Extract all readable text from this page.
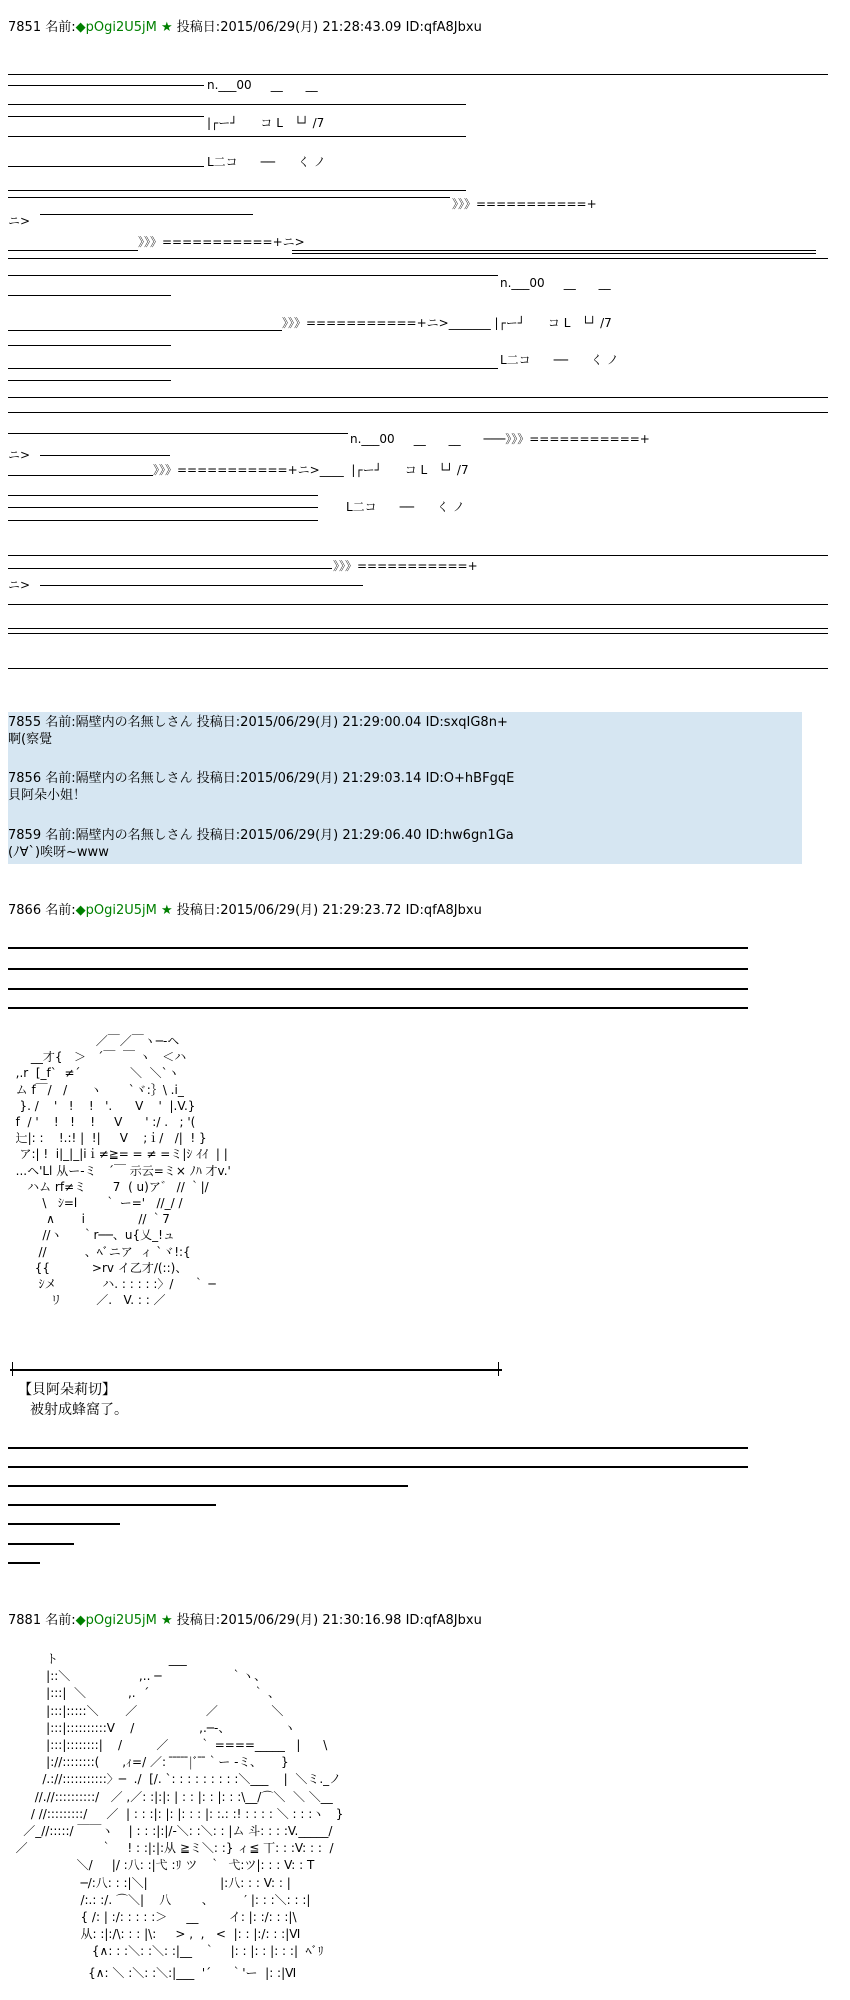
7851 名前:◆pOgi2U5jM ★ 投稿日:2015/06/29(月) 21:28:43.09 ID:qfA8Jbxu
n.___00     __      __
|┌ー┘      コ L   └┘ /7
L二コ      ──      く ノ
》》》===========+
ニ>
》》》===========+ニ>
n.___00     __      __
》》》===========+ニ>_______ |┌ー┘      コ L   └┘ /7
L二コ      ──      く ノ
n.___00     __      __      ───》》》===========+
ニ>
》》》===========+ニ>____  |┌ー┘      コ L   └┘ /7
L二コ      ──      く ノ
》》》===========+
ニ>
7855 名前:隔壁内の名無しさん 投稿日:2015/06/29(月) 21:29:00.04 ID:sxqIG8n+
啊(察覺
7856 名前:隔壁内の名無しさん 投稿日:2015/06/29(月) 21:29:03.14 ID:O+hBFgqE
貝阿朵小姐！
7859 名前:隔壁内の名無しさん 投稿日:2015/06/29(月) 21:29:06.40 ID:hw6gn1Ga
(ﾉ∀`)唉呀~www
7866 名前:◆pOgi2U5jM ★ 投稿日:2015/06/29(月) 21:29:23.72 ID:qfA8Jbxu
／￣／￣ヽ─‐ヘ
__才{   ＞   ´￣  ￣ ヽ   ＜ハ
,.r  [_f`  ≠´             ＼  ＼`ヽ
ム f￣/   /      ヽ       `ヾ:｝\ .i_
}. /    '   !    !   '.      V    '  |.V.}
f  / '    !   !    !     V      ' :/ .   ; '(
辷|: :    !.:! |  !|     V    ;ｉ/   /|  ! }
ア:| !  i|_|_|iｉ≠≧= = ≠ =ミ|ｼ ｲｲ  | |
...ヘ'Ll 从ー-ミ   ´￣ 示云=ミ× ﾉﾊ 才v.'
ハム rf≠ミ       7  ( u)ア゛ // ｀|/
\   ｼ=l       ｀ ー='   //_/ /
∧       i              // ｀7
//ヽ     ｀r──、u{乂_!ュ
//          、ﾍﾞニア  ィ `ヾ!:{
{{           >rv イ乙才/(::)、
ｼメ            ハ. : : : : :〉/     ｀ ─
リ         ／.   V. : : ／
【貝阿朵莉切】
被射成蜂窩了。
7881 名前:◆pOgi2U5jM ★ 投稿日:2015/06/29(月) 21:30:16.98 ID:qfA8Jbxu
ト                             ___
|::＼                  ,.. ─                  ｀ヽ、
|:::|  ＼           ,.  ´                           ｀ 、
|:::|:::::＼       ／                  ／              ＼
|:::|::::::::::V    /                 ,.─-、              ヽ
|:::|::::::::|    /         ／        ｀ ====_____   |      \
|://::::::::(      ,ｨ=/ ／:  ̄ ̄ ̄ ̄ ̄|ﾞ ̄ ̄｀ー -ミ、     }
/.://:::::::::::〉─  ./  [/. `: : : : : : : : :＼___    |  ＼ミ._ノ
//.//::::::::::/   ／ ,／: :|:|: | : : |: : |: : :\__/⌒＼  ＼ ＼__
/ //:::::::::/     ／  | : : :|: |: |: : : |: :.: :! : : : : ＼ : : :ヽ   }
／_//:::::/ ￣￣ヽ    | : : :|:|/‐＼: :＼: : |ム 斗: : : :V._____/
／                   ｀    ! : :|:|:从 ≧ミ＼: :} ィ≦ 丅: : :V: : :  /
＼/     |/ :八: :|弋 :ﾘ ツ   ｀  弋:ツ|: : : V: : T
─/:八: : :|＼|                   |:八: : : V: : |
/:.: :/. ⌒＼|    八        、        ′ |: : :＼: : :|
{ /: | :/: : : : :＞     __        イ: |: :/: : :|\
从: :|:/\: : : |\:     > ,  ,   <  |: : |:/: : :|Ⅵ
{∧: : :＼: :＼: :|__   ｀    |: : |: : |: : :|  ﾍﾞﾘ
{∧: ＼ :＼: :＼:|___  '´     ｀'ー  |: :|Ⅵ
